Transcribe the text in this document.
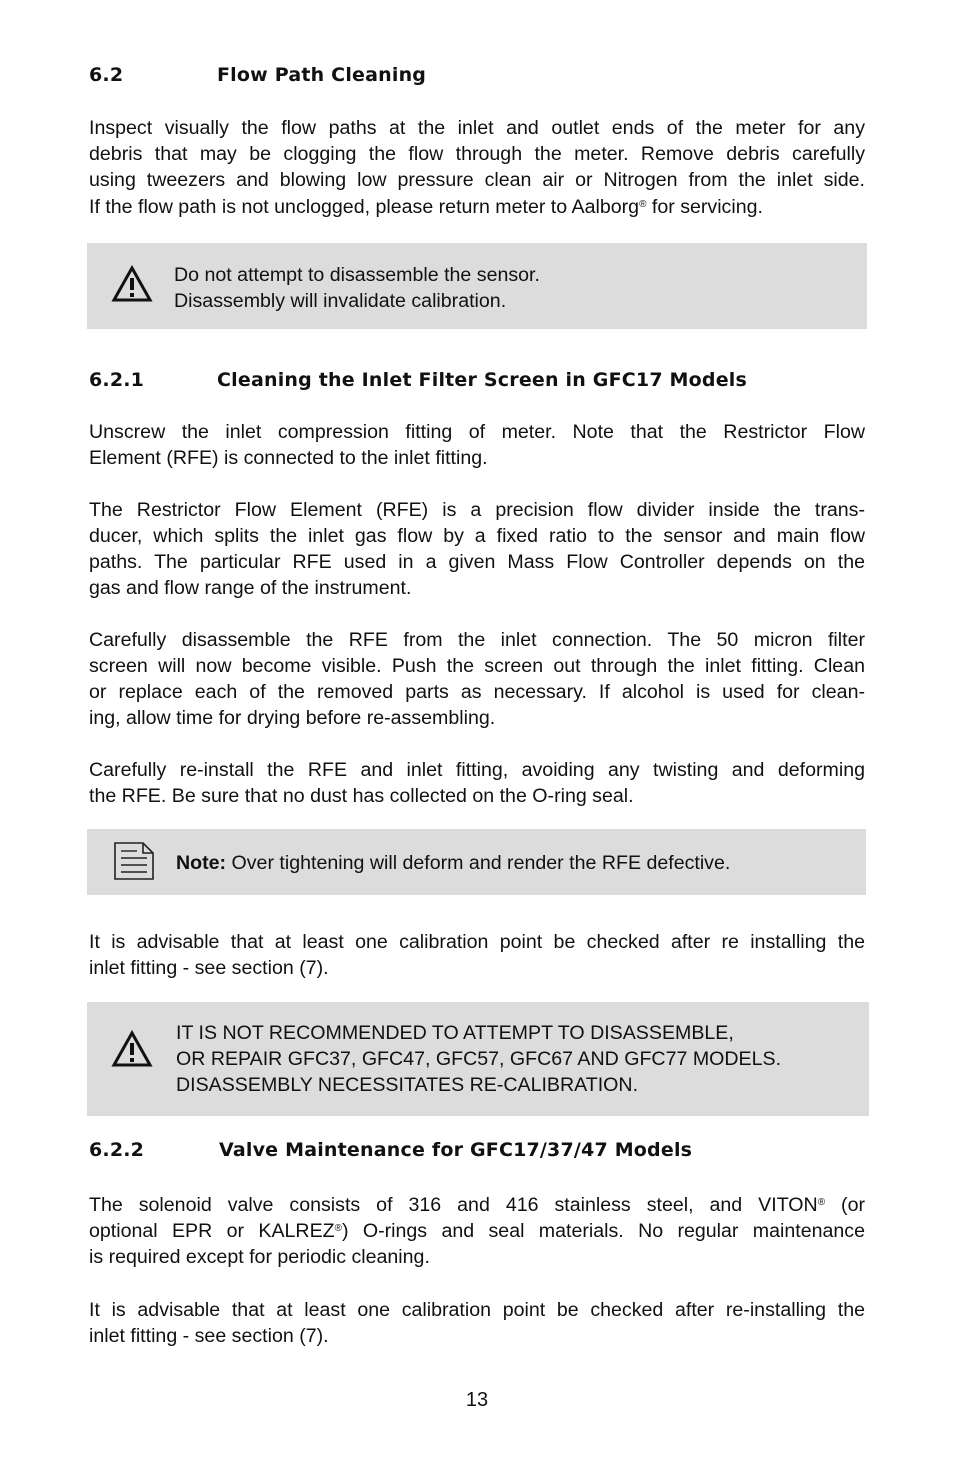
6.2	Flow Path Cleaning
Inspect visually the flow paths at the inlet and outlet ends of the meter for any
debris that may be clogging the flow through the meter. Remove debris carefully
using tweezers and blowing low pressure clean air or Nitrogen from the inlet side.
If the flow path is not unclogged, please return meter to Aalborg® for servicing.
Do not attempt to disassemble the sensor.
Disassembly will invalidate calibration.
6.2.1	Cleaning the Inlet Filter Screen in GFC17 Models
Unscrew the inlet compression fitting of meter. Note that the Restrictor Flow
Element (RFE) is connected to the inlet fitting.
The Restrictor Flow Element (RFE) is a precision flow divider inside the trans-
ducer, which splits the inlet gas flow by a fixed ratio to the sensor and main flow
paths. The particular RFE used in a given Mass Flow Controller depends on the
gas and flow range of the instrument.
Carefully disassemble the RFE from the inlet connection. The 50 micron filter
screen will now become visible. Push the screen out through the inlet fitting. Clean
or replace each of the removed parts as necessary. If alcohol is used for clean-
ing, allow time for drying before re-assembling.
Carefully re-install the RFE and inlet fitting, avoiding any twisting and deforming
the RFE. Be sure that no dust has collected on the O-ring seal.
Note: Over tightening will deform and render the RFE defective.
It is advisable that at least one calibration point be checked after re installing the
inlet fitting - see section (7).
IT IS NOT RECOMMENDED TO ATTEMPT TO DISASSEMBLE,
OR REPAIR GFC37, GFC47, GFC57, GFC67 AND GFC77 MODELS.
DISASSEMBLY NECESSITATES RE-CALIBRATION.
6.2.2	Valve Maintenance for GFC17/37/47 Models
The solenoid valve consists of 316 and 416 stainless steel, and VITON® (or
optional EPR or KALREZ®) O-rings and seal materials. No regular maintenance
is required except for periodic cleaning.
It is advisable that at least one calibration point be checked after re-installing the
inlet fitting - see section (7).
13
